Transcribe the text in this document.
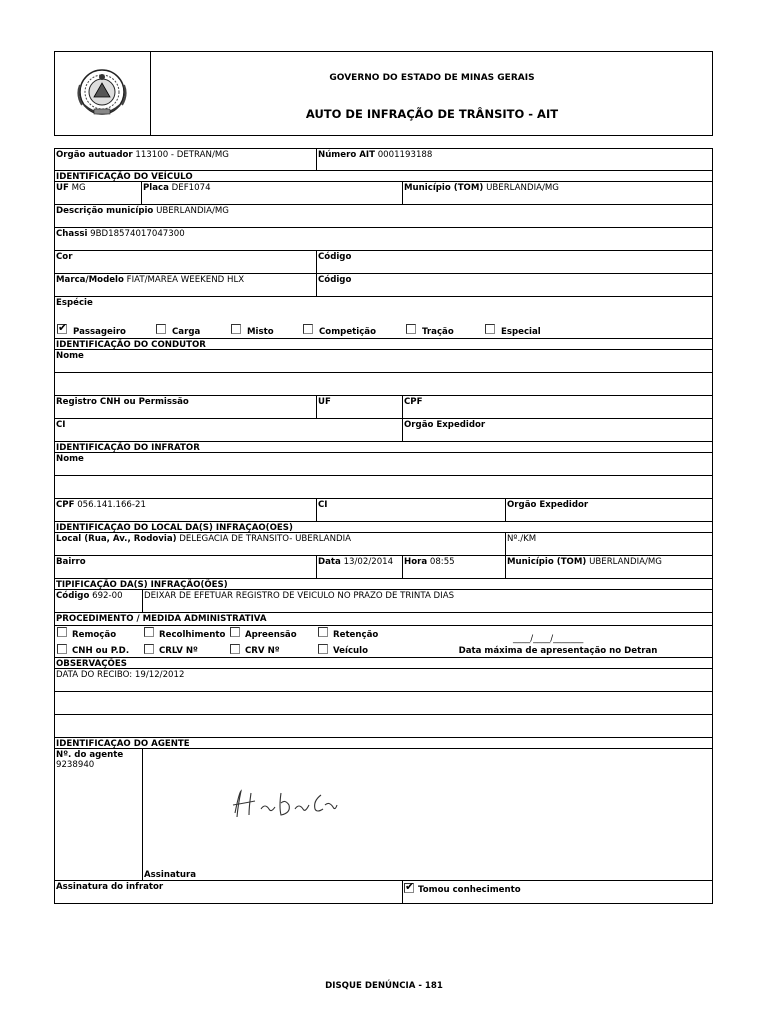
GOVERNO DO ESTADO DE MINAS GERAIS
AUTO DE INFRAÇÃO DE TRÂNSITO - AIT
Orgão autuador 113100 - DETRAN/MG	Número AIT 0001193188
IDENTIFICAÇÃO DO VEÍCULO
UF MG	Placa DEF1074	Município (TOM) UBERLANDIA/MG
Descrição município UBERLANDIA/MG
Chassi 9BD18574017047300
Cor	Código
Marca/Modelo FIAT/MAREA WEEKEND HLX	Código
Espécie
✔
Passageiro	Carga	Misto	Competição	Tração	Especial
IDENTIFICAÇÃO DO CONDUTOR
Nome
Registro CNH ou Permissão	UF	CPF
CI	Orgão Expedidor
IDENTIFICAÇÃO DO INFRATOR
Nome
CPF 056.141.166-21	CI	Orgão Expedidor
IDENTIFICAÇAO DO LOCAL DA(S) INFRAÇAO(OES)
Local (Rua, Av., Rodovia) DELEGACIA DE TRANSITO- UBERLANDIA	Nº./KM
Bairro	Data 13/02/2014	Hora 08:55	Município (TOM) UBERLANDIA/MG
TIPIFICAÇÃO DA(S) INFRAÇÃO(ÕES)
Código 692-00	DEIXAR DE EFETUAR REGISTRO DE VEICULO NO PRAZO DE TRINTA DIAS
PROCEDIMENTO / MEDIDA ADMINISTRATIVA
Remoção	Recolhimento Apreensão	Retenção
CNH ou P.D.	CRLV Nº	CRV Nº	Veículo
____/____/_______
Data máxima de apresentação no Detran
OBSERVAÇÕES
DATA DO RECIBO: 19/12/2012
IDENTIFICAÇAO DO AGENTE
Nº. do agente
9238940
Assinatura
Assinatura do infrator
✔	Tomou conhecimento
DISQUE DENÚNCIA - 181
